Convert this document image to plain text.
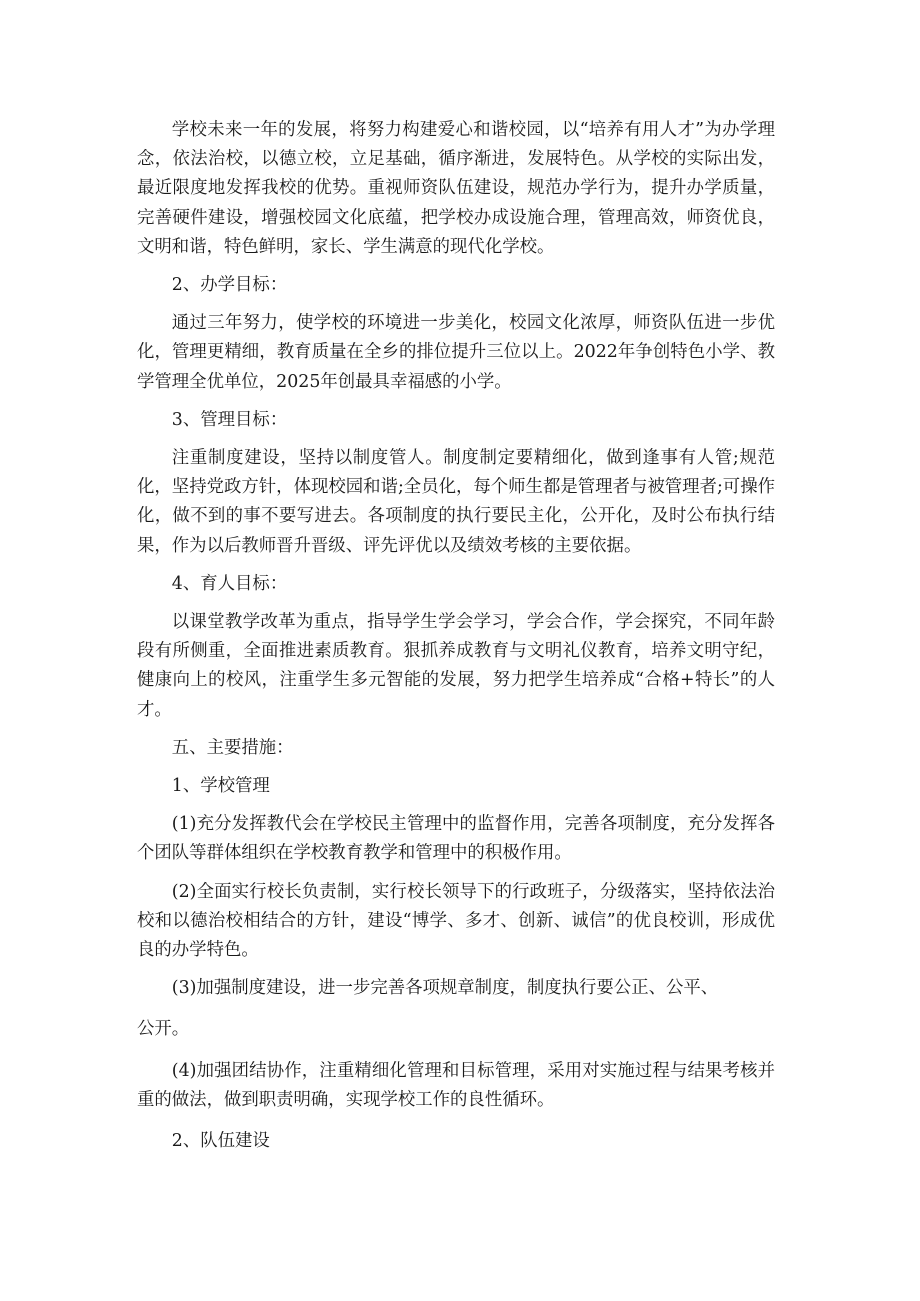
学校未来一年的发展，将努力构建爱心和谐校园，以“培养有用人才”为办学理念，依法治校，以德立校，立足基础，循序渐进，发展特色。从学校的实际出发，最近限度地发挥我校的优势。重视师资队伍建设，规范办学行为，提升办学质量，完善硬件建设，增强校园文化底蕴，把学校办成设施合理，管理高效，师资优良，文明和谐，特色鲜明，家长、学生满意的现代化学校。

2、办学目标：

通过三年努力，使学校的环境进一步美化，校园文化浓厚，师资队伍进一步优化，管理更精细，教育质量在全乡的排位提升三位以上。2022年争创特色小学、教学管理全优单位，2025年创最具幸福感的小学。

3、管理目标：

注重制度建设，坚持以制度管人。制度制定要精细化，做到逢事有人管;规范化，坚持党政方针，体现校园和谐;全员化，每个师生都是管理者与被管理者;可操作化，做不到的事不要写进去。各项制度的执行要民主化，公开化，及时公布执行结果，作为以后教师晋升晋级、评先评优以及绩效考核的主要依据。

4、育人目标：

以课堂教学改革为重点，指导学生学会学习，学会合作，学会探究，不同年龄段有所侧重，全面推进素质教育。狠抓养成教育与文明礼仪教育，培养文明守纪，健康向上的校风，注重学生多元智能的发展，努力把学生培养成“合格+特长”的人才。

五、主要措施：

1、学校管理

(1)充分发挥教代会在学校民主管理中的监督作用，完善各项制度，充分发挥各个团队等群体组织在学校教育教学和管理中的积极作用。

(2)全面实行校长负责制，实行校长领导下的行政班子，分级落实，坚持依法治校和以德治校相结合的方针，建设“博学、多才、创新、诚信”的优良校训，形成优良的办学特色。

(3)加强制度建设，进一步完善各项规章制度，制度执行要公正、公平、

公开。

(4)加强团结协作，注重精细化管理和目标管理，采用对实施过程与结果考核并重的做法，做到职责明确，实现学校工作的良性循环。

2、队伍建设
